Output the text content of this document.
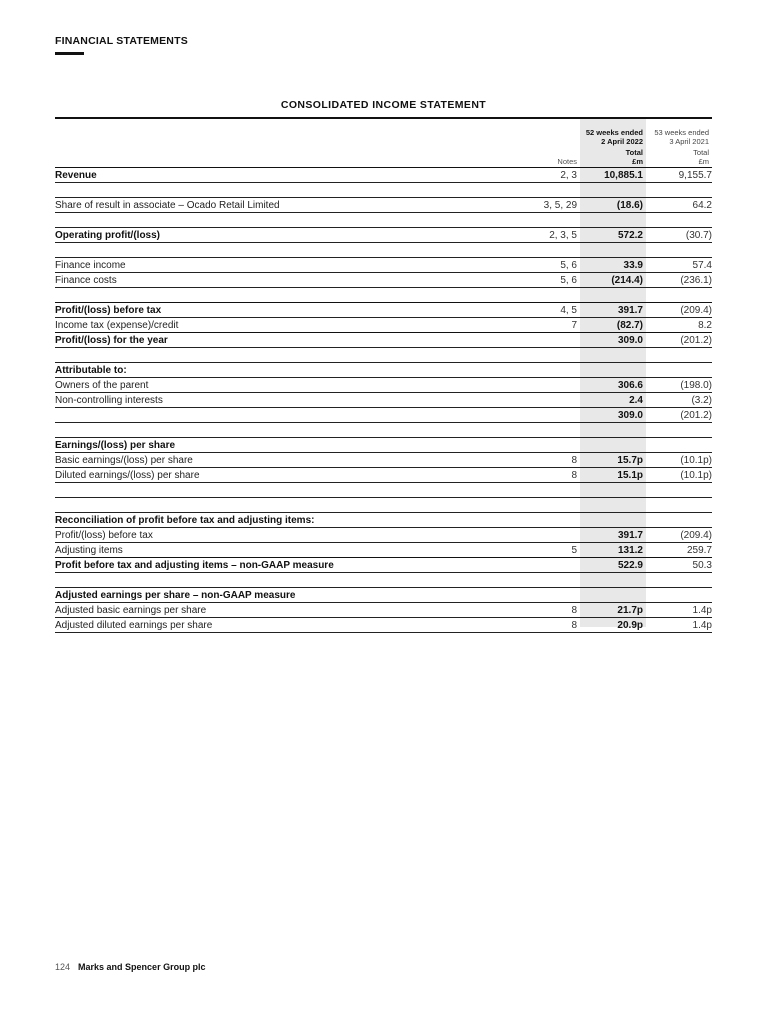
FINANCIAL STATEMENTS
CONSOLIDATED INCOME STATEMENT
52 weeks ended
2 April 2022
Total
£m
53 weeks ended
3 April 2021
Total
£m
Notes
Revenue	2, 3	10,885.1	9,155.7

Share of result in associate – Ocado Retail Limited	3, 5, 29	(18.6)	64.2

Operating profit/(loss)	2, 3, 5	572.2	(30.7)

Finance income	5, 6	33.9	57.4
Finance costs	5, 6	(214.4)	(236.1)

Profit/(loss) before tax	4, 5	391.7	(209.4)
Income tax (expense)/credit	7	(82.7)	8.2
Profit/(loss) for the year		309.0	(201.2)

Attributable to:			
Owners of the parent		306.6	(198.0)
Non-controlling interests		2.4	(3.2)
		309.0	(201.2)

Earnings/(loss) per share			
Basic earnings/(loss) per share	8	15.7p	(10.1p)
Diluted earnings/(loss) per share	8	15.1p	(10.1p)

Reconciliation of profit before tax and adjusting items:			
Profit/(loss) before tax		391.7	(209.4)
Adjusting items	5	131.2	259.7
Profit before tax and adjusting items – non-GAAP measure		522.9	50.3

Adjusted earnings per share – non-GAAP measure			
Adjusted basic earnings per share	8	21.7p	1.4p
Adjusted diluted earnings per share	8	20.9p	1.4p
124 Marks and Spencer Group plc
